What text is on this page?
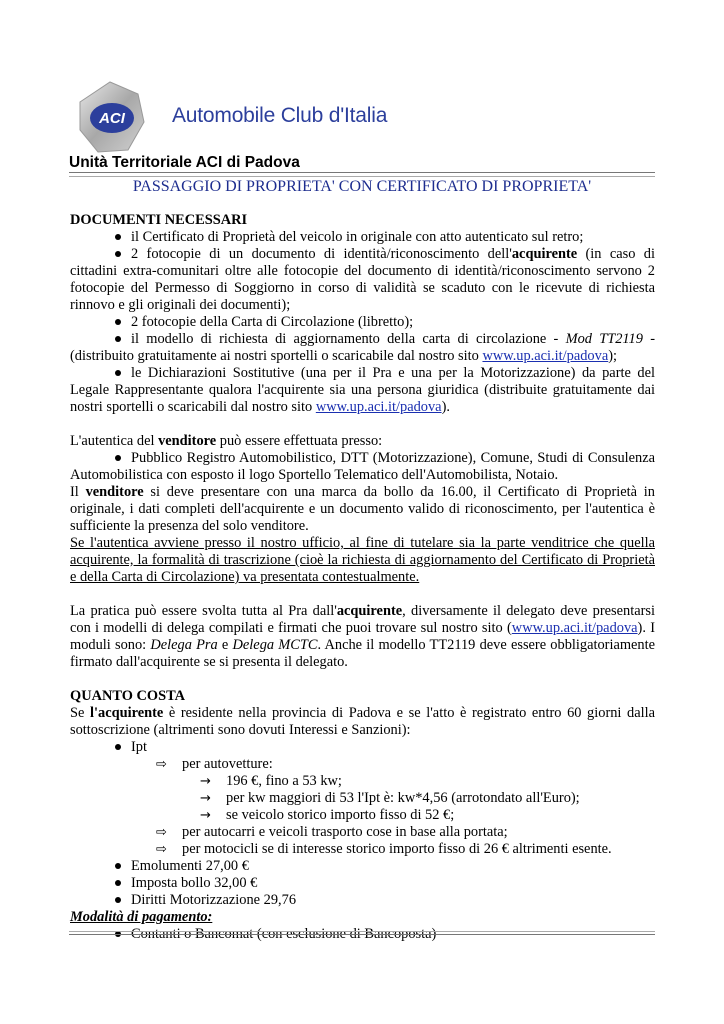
ACI Automobile Club d'Italia
Unità Territoriale ACI di Padova
PASSAGGIO DI PROPRIETA' CON CERTIFICATO DI PROPRIETA'

DOCUMENTI NECESSARI

il Certificato di Proprietà del veicolo in originale con atto autenticato sul retro;

2 fotocopie di un documento di identità/riconoscimento dell'acquirente (in caso di cittadini extra-comunitari oltre alle fotocopie del documento di identità/riconoscimento servono 2 fotocopie del Permesso di Soggiorno in corso di validità se scaduto con le ricevute di richiesta rinnovo e gli originali dei documenti);

2 fotocopie della Carta di Circolazione (libretto);

il modello di richiesta di aggiornamento della carta di circolazione - Mod TT2119 - (distribuito gratuitamente ai nostri sportelli o scaricabile dal nostro sito www.up.aci.it/padova);

le Dichiarazioni Sostitutive (una per il Pra e una per la Motorizzazione) da parte del Legale Rappresentante qualora l'acquirente sia una persona giuridica (distribuite gratuitamente dai nostri sportelli o scaricabili dal nostro sito www.up.aci.it/padova).

L'autentica del venditore può essere effettuata presso:

Pubblico Registro Automobilistico, DTT (Motorizzazione), Comune, Studi di Consulenza Automobilistica con esposto il logo Sportello Telematico dell'Automobilista, Notaio.

Il venditore si deve presentare con una marca da bollo da 16.00, il Certificato di Proprietà in originale, i dati completi dell'acquirente e un documento valido di riconoscimento, per l'autentica è sufficiente la presenza del solo venditore.

Se l'autentica avviene presso il nostro ufficio, al fine di tutelare sia la parte venditrice che quella acquirente, la formalità di trascrizione (cioè la richiesta di aggiornamento del Certificato di Proprietà e della Carta di Circolazione) va presentata contestualmente.

La pratica può essere svolta tutta al Pra dall'acquirente, diversamente il delegato deve presentarsi con i modelli di delega compilati e firmati che puoi trovare sul nostro sito (www.up.aci.it/padova). I moduli sono: Delega Pra e Delega MCTC. Anche il modello TT2119 deve essere obbligatoriamente firmato dall'acquirente se si presenta il delegato.

QUANTO COSTA

Se l'acquirente è residente nella provincia di Padova e se l'atto è registrato entro 60 giorni dalla sottoscrizione (altrimenti sono dovuti Interessi e Sanzioni):

Ipt

⇨ per autovetture:

→ 196 €, fino a 53 kw;

→ per kw maggiori di 53 l'Ipt è: kw*4,56 (arrotondato all'Euro);

→ se veicolo storico importo fisso di 52 €;

⇨ per autocarri e veicoli trasporto cose in base alla portata;

⇨ per motocicli se di interesse storico importo fisso di 26 € altrimenti esente.

Emolumenti 27,00 €

Imposta bollo 32,00 €

Diritti Motorizzazione 29,76

Modalità di pagamento:

Contanti o Bancomat (con esclusione di Bancoposta)
